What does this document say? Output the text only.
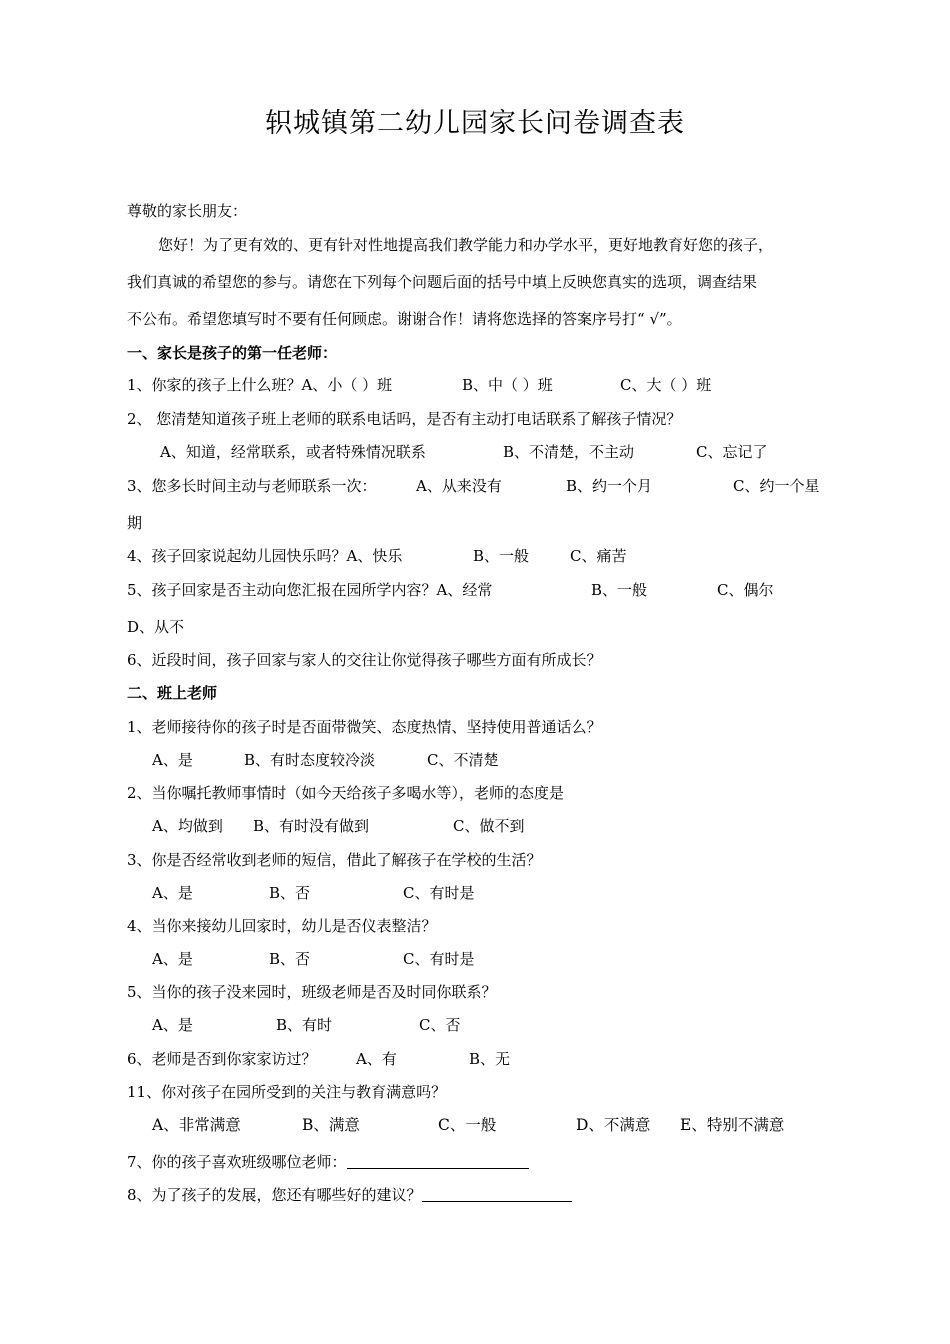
轵城镇第二幼儿园家长问卷调查表
尊敬的家长朋友：
您好！为了更有效的、更有针对性地提高我们教学能力和办学水平，更好地教育好您的孩子，
我们真诚的希望您的参与。请您在下列每个问题后面的括号中填上反映您真实的选项，调查结果
不公布。希望您填写时不要有任何顾虑。谢谢合作！请将您选择的答案序号打“ √”。
一、家长是孩子的第一任老师：
1、你家的孩子上什么班？A、小（ ）班	B、中（ ）班	C、大（ ）班
2、 您清楚知道孩子班上老师的联系电话吗，是否有主动打电话联系了解孩子情况？
A、知道，经常联系，或者特殊情况联系	B、不清楚，不主动	C、忘记了
3、您多长时间主动与老师联系一次：	A、从来没有	B、约一个月	C、约一个星
期
4、孩子回家说起幼儿园快乐吗？A、快乐	B、一般	C、痛苦
5、孩子回家是否主动向您汇报在园所学内容？A、经常	B、一般	C、偶尔
D、从不
6、近段时间，孩子回家与家人的交往让你觉得孩子哪些方面有所成长？
二、班上老师
1、老师接待你的孩子时是否面带微笑、态度热情、坚持使用普通话么？
A、是	B、有时态度较冷淡	C、不清楚
2、当你嘱托教师事情时（如今天给孩子多喝水等），老师的态度是
A、均做到 B、有时没有做到	C、做不到
3、你是否经常收到老师的短信，借此了解孩子在学校的生活？
A、是	B、否	C、有时是
4、当你来接幼儿回家时，幼儿是否仪表整洁？
A、是	B、否	C、有时是
5、当你的孩子没来园时，班级老师是否及时同你联系？
A、是	B、有时	C、否
6、老师是否到你家家访过？	A、有	B、无
11、你对孩子在园所受到的关注与教育满意吗？
A、非常满意	B、满意	C、一般	D、不满意 E、特别不满意
7、你的孩子喜欢班级哪位老师：
8、为了孩子的发展，您还有哪些好的建议？
